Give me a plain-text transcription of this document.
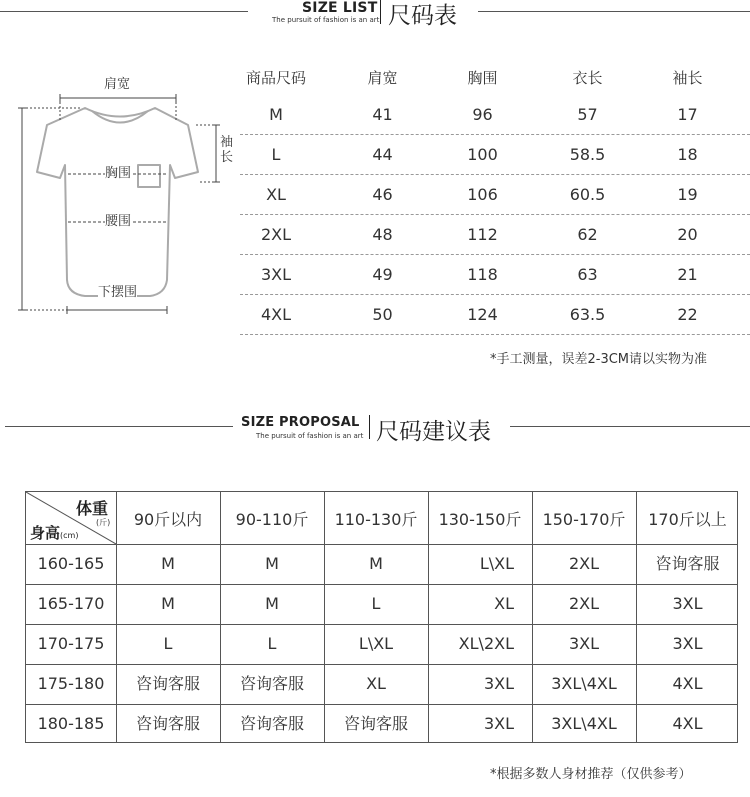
SIZE LIST
The pursuit of fashion is an art 尺码表
肩宽
袖长
胸围
腰围
下摆围
商品尺码	肩宽	胸围	衣长	袖长
M	41	96	57	17
L	44	100	58.5	18
XL	46	106	60.5	19
2XL	48	112	62	20
3XL	49	118	63	21
4XL	50	124	63.5	22
*手工测量，误差2-3CM请以实物为准
SIZE PROPOSAL
The pursuit of fashion is an art 尺码建议表
体重
(斤)
身高(cm)
90斤以内	90-110斤	110-130斤	130-150斤	150-170斤	170斤以上
160-165	M	M	M	L\XL	2XL	咨询客服
165-170	M	M	L	XL	2XL	3XL
170-175	L	L	L\XL	XL\2XL	3XL	3XL
175-180	咨询客服	咨询客服	XL	3XL	3XL\4XL	4XL
180-185	咨询客服	咨询客服	咨询客服	3XL	3XL\4XL	4XL
*根据多数人身材推荐（仅供参考）
